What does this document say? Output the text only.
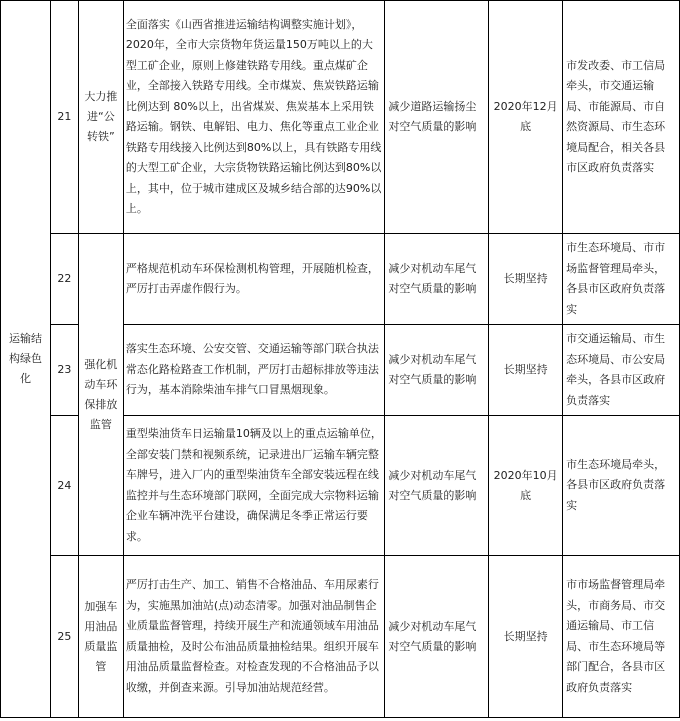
运输结构绿色化	21	大力推进“公转铁”	全面落实《山西省推进运输结构调整实施计划》，2020年，全市大宗货物年货运量150万吨以上的大型工矿企业，原则上修建铁路专用线。重点煤矿企业，全部接入铁路专用线。全市煤炭、焦炭铁路运输比例达到 80%以上，出省煤炭、焦炭基本上采用铁路运输。钢铁、电解铝、电力、焦化等重点工业企业铁路专用线接入比例达到80%以上，具有铁路专用线的大型工矿企业，大宗货物铁路运输比例达到80%以上，其中，位于城市建成区及城乡结合部的达90%以上。	减少道路运输扬尘对空气质量的影响	2020年12月底	市发改委、市工信局牵头，市交通运输局、市能源局、市自然资源局、市生态环境局配合，相关各县市区政府负责落实
	22	强化机动车环保排放监管	严格规范机动车环保检测机构管理，开展随机检查，严厉打击弄虚作假行为。	减少对机动车尾气对空气质量的影响	长期坚持	市生态环境局、市市场监督管理局牵头，各县市区政府负责落实
	23		落实生态环境、公安交管、交通运输等部门联合执法常态化路检路查工作机制，严厉打击超标排放等违法行为，基本消除柴油车排气口冒黑烟现象。	减少对机动车尾气对空气质量的影响	长期坚持	市交通运输局、市生态环境局、市公安局牵头，各县市区政府负责落实
	24		重型柴油货车日运输量10辆及以上的重点运输单位，全部安装门禁和视频系统，记录进出厂运输车辆完整车牌号，进入厂内的重型柴油货车全部安装远程在线监控并与生态环境部门联网，全面完成大宗物料运输企业车辆冲洗平台建设，确保满足冬季正常运行要求。	减少对机动车尾气对空气质量的影响	2020年10月底	市生态环境局牵头，各县市区政府负责落实
	25	加强车用油品质量监管	严厉打击生产、加工、销售不合格油品、车用尿素行为，实施黑加油站(点)动态清零。加强对油品制售企业质量监督管理，持续开展生产和流通领域车用油品质量抽检，及时公布油品质量抽检结果。组织开展车用油品质量监督检查。对检查发现的不合格油品予以收缴，并倒查来源。引导加油站规范经营。	减少对机动车尾气对空气质量的影响	长期坚持	市市场监督管理局牵头，市商务局、市交通运输局、市工信局、市生态环境局等部门配合，各县市区政府负责落实
